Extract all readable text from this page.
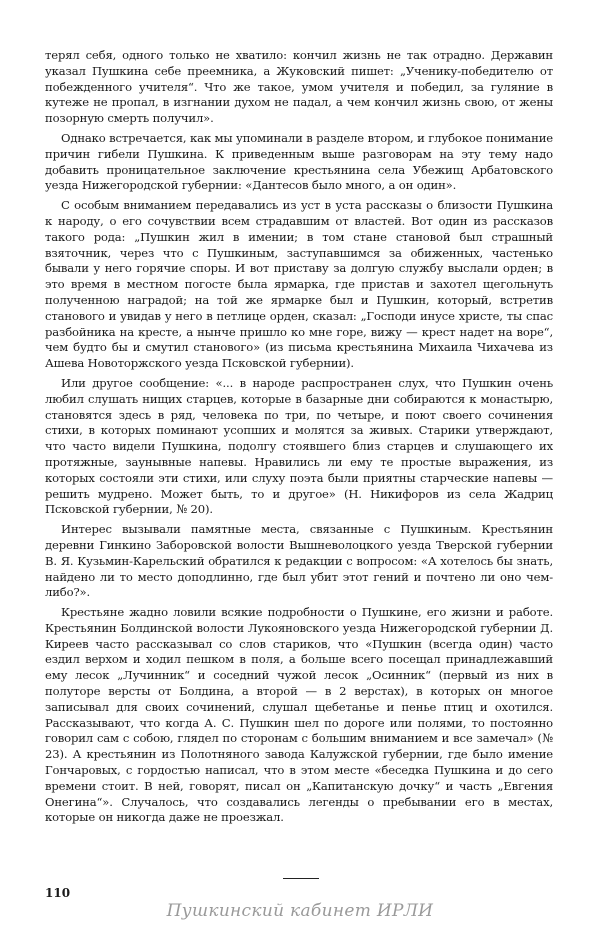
терял себя, одного только не хватило: кончил жизнь не так отрадно. Державин указал Пушкина себе преемника, а Жуковский пишет: „Ученику-победителю от побежденного учителя“. Что же такое, умом учителя и победил, за гуляние в кутеже не пропал, в изгнании духом не падал, а чем кончил жизнь свою, от жены позорную смерть получил».

Однако встречается, как мы упоминали в разделе втором, и глубокое понимание причин гибели Пушкина. К приведенным выше разговорам на эту тему надо добавить проницательное заключение крестьянина села Убежищ Арбатовского уезда Нижегородской губернии: «Дантесов было много, а он один».

С особым вниманием передавались из уст в уста рассказы о близости Пушкина к народу, о его сочувствии всем страдавшим от властей. Вот один из рассказов такого рода: „Пушкин жил в имении; в том стане становой был страшный взяточник, через что с Пушкиным, заступавшимся за обиженных, частенько бывали у него горячие споры. И вот приставу за долгую службу выслали орден; в это время в местном погосте была ярмарка, где пристав и захотел щегольнуть полученною наградой; на той же ярмарке был и Пушкин, который, встретив станового и увидав у него в петлице орден, сказал: „Господи инусе христе, ты спас разбойника на кресте, а нынче пришло ко мне горе, вижу — крест надет на воре“, чем будто бы и смутил станового» (из письма крестьянина Михаила Чихачева из Ашева Новоторжского уезда Псковской губернии).

Или другое сообщение: «... в народе распространен слух, что Пушкин очень любил слушать нищих старцев, которые в базарные дни собираются к монастырю, становятся здесь в ряд, человека по три, по четыре, и поют своего сочинения стихи, в которых поминают усопших и молятся за живых. Старики утверждают, что часто видели Пушкина, подолгу стоявшего близ старцев и слушающего их протяжные, заунывные напевы. Нравились ли ему те простые выражения, из которых состояли эти стихи, или слуху поэта были приятны старческие напевы — решить мудрено. Может быть, то и другое» (Н. Никифоров из села Жадриц Псковской губернии, № 20).

Интерес вызывали памятные места, связанные с Пушкиным. Крестьянин деревни Гинкино Заборовской волости Вышневолоцкого уезда Тверской губернии В. Я. Кузьмин-Карельский обратился к редакции с вопросом: «А хотелось бы знать, найдено ли то место доподлинно, где был убит этот гений и почтено ли оно чем-либо?».

Крестьяне жадно ловили всякие подробности о Пушкине, его жизни и работе. Крестьянин Болдинской волости Лукояновского уезда Нижегородской губернии Д. Киреев часто рассказывал со слов стариков, что «Пушкин (всегда один) часто ездил верхом и ходил пешком в поля, а больше всего посещал принадлежавший ему лесок „Лучинник“ и соседний чужой лесок „Осинник“ (первый из них в полуторе версты от Болдина, а второй — в 2 верстах), в которых он многое записывал для своих сочинений, слушал щебетанье и пенье птиц и охотился. Рассказывают, что когда А. С. Пушкин шел по дороге или полями, то постоянно говорил сам с собою, глядел по сторонам с большим вниманием и все замечал» (№ 23). А крестьянин из Полотняного завода Калужской губернии, где было имение Гончаровых, с гордостью написал, что в этом месте «беседка Пушкина и до сего времени стоит. В ней, говорят, писал он „Капитанскую дочку“ и часть „Евгения Онегина“». Случалось, что создавались легенды о пребывании его в местах, которые он никогда даже не проезжал.

110
Пушкинский кабинет ИРЛИ
